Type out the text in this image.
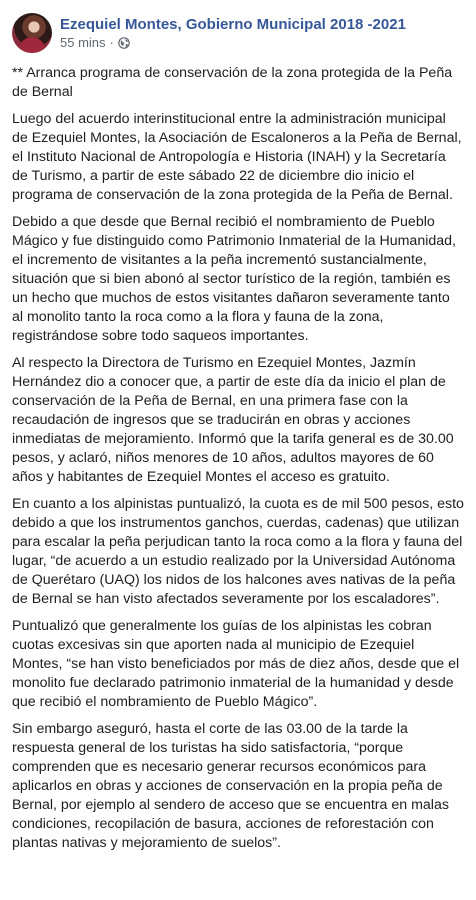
Ezequiel Montes, Gobierno Municipal 2018 -2021
55 mins ·

** Arranca programa de conservación de la zona protegida de la Peña de Bernal

Luego del acuerdo interinstitucional entre la administración municipal de Ezequiel Montes, la Asociación de Escaloneros a la Peña de Bernal, el Instituto Nacional de Antropología e Historia (INAH) y la Secretaría de Turismo, a partir de este sábado 22 de diciembre dio inicio el programa de conservación de la zona protegida de la Peña de Bernal.

Debido a que desde que Bernal recibió el nombramiento de Pueblo Mágico y fue distinguido como Patrimonio Inmaterial de la Humanidad, el incremento de visitantes a la peña incrementó sustancialmente, situación que si bien abonó al sector turístico de la región, también es un hecho que muchos de estos visitantes dañaron severamente tanto al monolito tanto la roca como a la flora y fauna de la zona, registrándose sobre todo saqueos importantes.

Al respecto la Directora de Turismo en Ezequiel Montes, Jazmín Hernández dio a conocer que, a partir de este día da inicio el plan de conservación de la Peña de Bernal, en una primera fase con la recaudación de ingresos que se traducirán en obras y acciones inmediatas de mejoramiento. Informó que la tarifa general es de 30.00 pesos, y aclaró, niños menores de 10 años, adultos mayores de 60 años y habitantes de Ezequiel Montes el acceso es gratuito.

En cuanto a los alpinistas puntualizó, la cuota es de mil 500 pesos, esto debido a que los instrumentos ganchos, cuerdas, cadenas) que utilizan para escalar la peña perjudican tanto la roca como a la flora y fauna del lugar, “de acuerdo a un estudio realizado por la Universidad Autónoma de Querétaro (UAQ) los nidos de los halcones aves nativas de la peña de Bernal se han visto afectados severamente por los escaladores”.

Puntualizó que generalmente los guías de los alpinistas les cobran cuotas excesivas sin que aporten nada al municipio de Ezequiel Montes, “se han visto beneficiados por más de diez años, desde que el monolito fue declarado patrimonio inmaterial de la humanidad y desde que recibió el nombramiento de Pueblo Mágico”.

Sin embargo aseguró, hasta el corte de las 03.00 de la tarde la respuesta general de los turistas ha sido satisfactoria, “porque comprenden que es necesario generar recursos económicos para aplicarlos en obras y acciones de conservación en la propia peña de Bernal, por ejemplo al sendero de acceso que se encuentra en malas condiciones, recopilación de basura, acciones de reforestación con plantas nativas y mejoramiento de suelos”.
